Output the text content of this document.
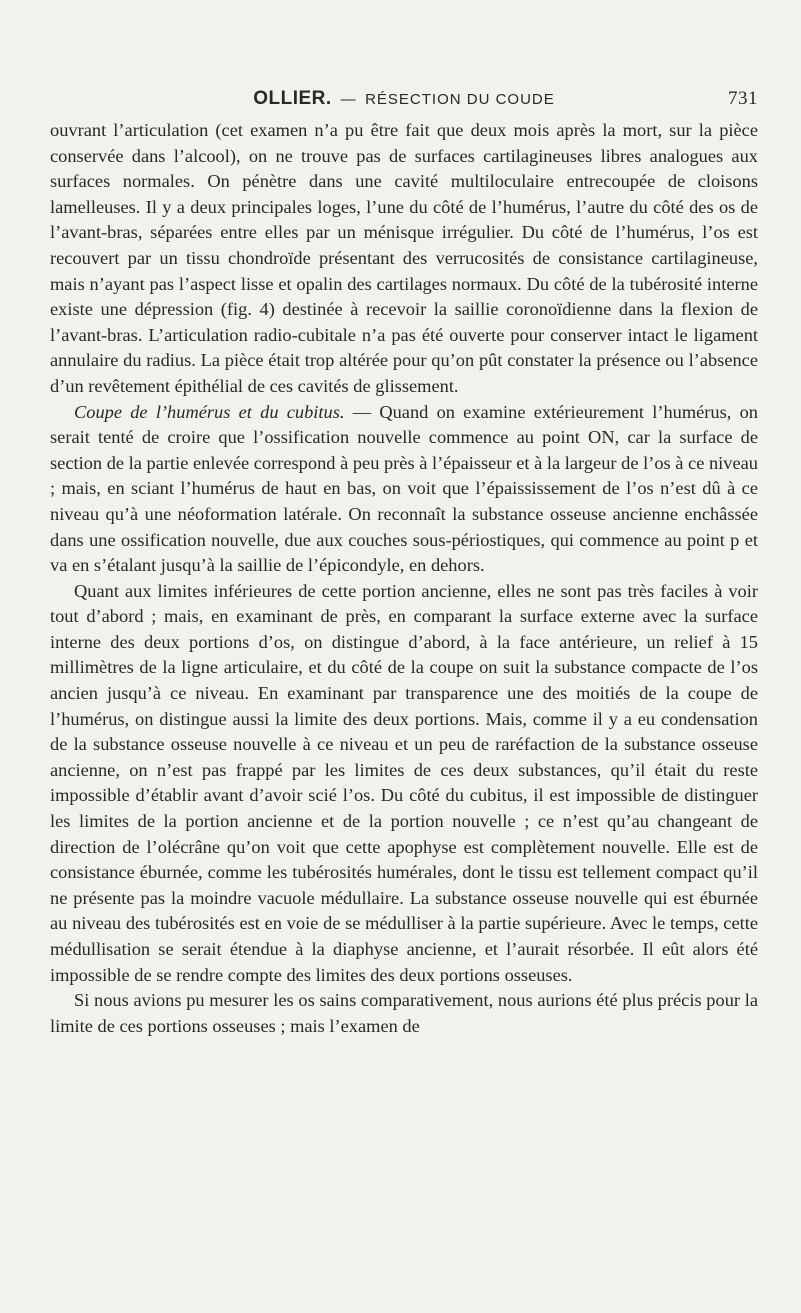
OLLIER. — RÉSECTION DU COUDE	731

ouvrant l’articulation (cet examen n’a pu être fait que deux mois après la mort, sur la pièce conservée dans l’alcool), on ne trouve pas de surfaces cartilagineuses libres analogues aux surfaces normales. On pénètre dans une cavité multiloculaire entrecoupée de cloisons lamelleuses. Il y a deux principales loges, l’une du côté de l’humérus, l’autre du côté des os de l’avant-bras, séparées entre elles par un ménisque irrégulier. Du côté de l’humérus, l’os est recouvert par un tissu chondroïde présentant des verrucosités de consistance cartilagineuse, mais n’ayant pas l’aspect lisse et opalin des cartilages normaux. Du côté de la tubérosité interne existe une dépression (fig. 4) destinée à recevoir la saillie coronoïdienne dans la flexion de l’avant-bras. L’articulation radio-cubitale n’a pas été ouverte pour conserver intact le ligament annulaire du radius. La pièce était trop altérée pour qu’on pût constater la présence ou l’absence d’un revêtement épithélial de ces cavités de glissement.

Coupe de l’humérus et du cubitus. — Quand on examine extérieurement l’humérus, on serait tenté de croire que l’ossification nouvelle commence au point ON, car la surface de section de la partie enlevée correspond à peu près à l’épaisseur et à la largeur de l’os à ce niveau ; mais, en sciant l’humérus de haut en bas, on voit que l’épaississement de l’os n’est dû à ce niveau qu’à une néoformation latérale. On reconnaît la substance osseuse ancienne enchâssée dans une ossification nouvelle, due aux couches sous-périostiques, qui commence au point p et va en s’étalant jusqu’à la saillie de l’épicondyle, en dehors.

Quant aux limites inférieures de cette portion ancienne, elles ne sont pas très faciles à voir tout d’abord ; mais, en examinant de près, en comparant la surface externe avec la surface interne des deux portions d’os, on distingue d’abord, à la face antérieure, un relief à 15 millimètres de la ligne articulaire, et du côté de la coupe on suit la substance compacte de l’os ancien jusqu’à ce niveau. En examinant par transparence une des moitiés de la coupe de l’humérus, on distingue aussi la limite des deux portions. Mais, comme il y a eu condensation de la substance osseuse nouvelle à ce niveau et un peu de raréfaction de la substance osseuse ancienne, on n’est pas frappé par les limites de ces deux substances, qu’il était du reste impossible d’établir avant d’avoir scié l’os. Du côté du cubitus, il est impossible de distinguer les limites de la portion ancienne et de la portion nouvelle ; ce n’est qu’au changeant de direction de l’olécrâne qu’on voit que cette apophyse est complètement nouvelle. Elle est de consistance éburnée, comme les tubérosités humérales, dont le tissu est tellement compact qu’il ne présente pas la moindre vacuole médullaire. La substance osseuse nouvelle qui est éburnée au niveau des tubérosités est en voie de se médulliser à la partie supérieure. Avec le temps, cette médullisation se serait étendue à la diaphyse ancienne, et l’aurait résorbée. Il eût alors été impossible de se rendre compte des limites des deux portions osseuses.

Si nous avions pu mesurer les os sains comparativement, nous aurions été plus précis pour la limite de ces portions osseuses ; mais l’examen de
